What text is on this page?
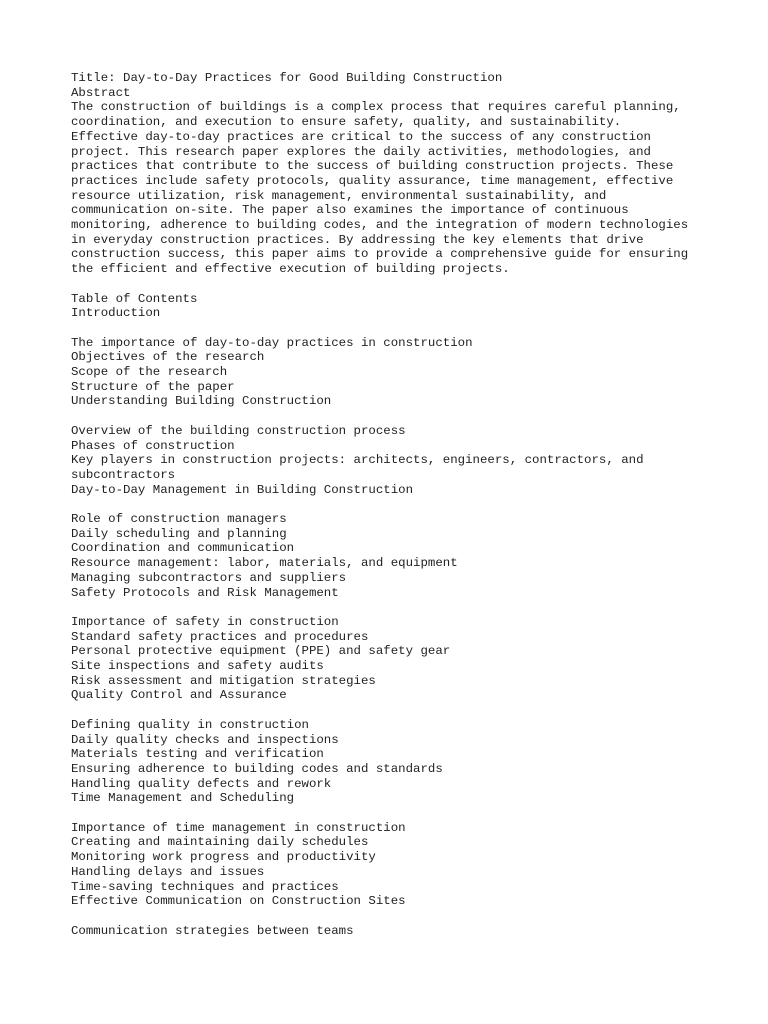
Title: Day-to-Day Practices for Good Building Construction
Abstract
The construction of buildings is a complex process that requires careful planning,
coordination, and execution to ensure safety, quality, and sustainability.
Effective day-to-day practices are critical to the success of any construction
project. This research paper explores the daily activities, methodologies, and
practices that contribute to the success of building construction projects. These
practices include safety protocols, quality assurance, time management, effective
resource utilization, risk management, environmental sustainability, and
communication on-site. The paper also examines the importance of continuous
monitoring, adherence to building codes, and the integration of modern technologies
in everyday construction practices. By addressing the key elements that drive
construction success, this paper aims to provide a comprehensive guide for ensuring
the efficient and effective execution of building projects.
Table of Contents
Introduction
The importance of day-to-day practices in construction
Objectives of the research
Scope of the research
Structure of the paper
Understanding Building Construction
Overview of the building construction process
Phases of construction
Key players in construction projects: architects, engineers, contractors, and
subcontractors
Day-to-Day Management in Building Construction
Role of construction managers
Daily scheduling and planning
Coordination and communication
Resource management: labor, materials, and equipment
Managing subcontractors and suppliers
Safety Protocols and Risk Management
Importance of safety in construction
Standard safety practices and procedures
Personal protective equipment (PPE) and safety gear
Site inspections and safety audits
Risk assessment and mitigation strategies
Quality Control and Assurance
Defining quality in construction
Daily quality checks and inspections
Materials testing and verification
Ensuring adherence to building codes and standards
Handling quality defects and rework
Time Management and Scheduling
Importance of time management in construction
Creating and maintaining daily schedules
Monitoring work progress and productivity
Handling delays and issues
Time-saving techniques and practices
Effective Communication on Construction Sites
Communication strategies between teams
